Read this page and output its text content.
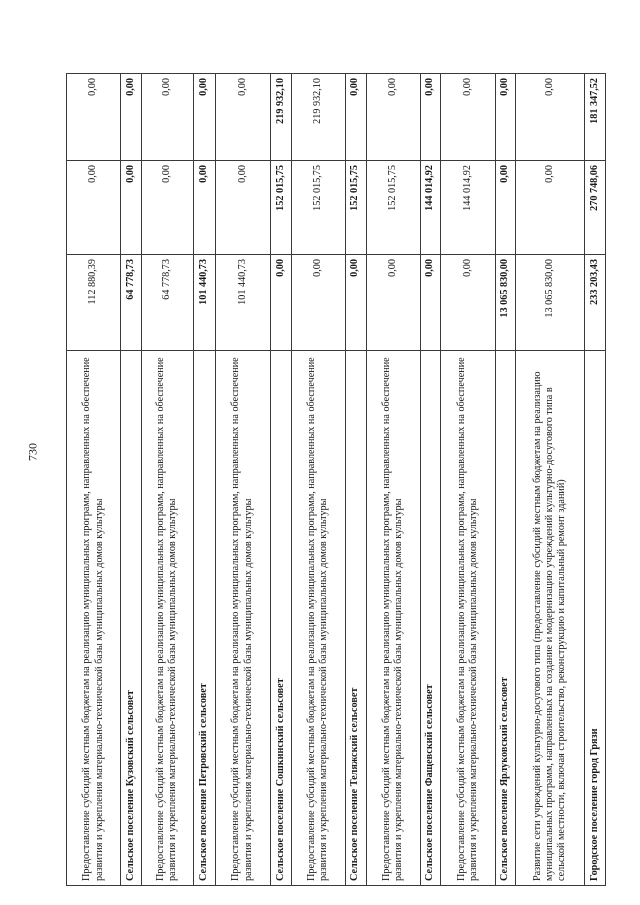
730	Предоставление субсидий местным бюджетам на реализацию муниципальных программ, направленных на обеспечение развития и укрепления материально-технической базы муниципальных домов культуры	112 880,39	0,00	0,00
Сельское поселение Кузовский сельсовет	64 778,73	0,00	0,00
Предоставление субсидий местным бюджетам на реализацию муниципальных программ, направленных на обеспечение развития и укрепления материально-технической базы муниципальных домов культуры	64 778,73	0,00	0,00
Сельское поселение Петровский сельсовет	101 440,73	0,00	0,00
Предоставление субсидий местным бюджетам на реализацию муниципальных программ, направленных на обеспечение развития и укрепления материально-технической базы муниципальных домов культуры	101 440,73	0,00	0,00
Сельское поселение Сошкинский сельсовет	0,00	152 015,75	219 932,10
Предоставление субсидий местным бюджетам на реализацию муниципальных программ, направленных на обеспечение развития и укрепления материально-технической базы муниципальных домов культуры	0,00	152 015,75	219 932,10
Сельское поселение Теляжский сельсовет	0,00	152 015,75	0,00
Предоставление субсидий местным бюджетам на реализацию муниципальных программ, направленных на обеспечение развития и укрепления материально-технической базы муниципальных домов культуры	0,00	152 015,75	0,00
Сельское поселение Фащевский сельсовет	0,00	144 014,92	0,00
Предоставление субсидий местным бюджетам на реализацию муниципальных программ, направленных на обеспечение развития и укрепления материально-технической базы муниципальных домов культуры	0,00	144 014,92	0,00
Сельское поселение Ярлуковский сельсовет	13 065 830,00	0,00	0,00
Развитие сети учреждений культурно-досугового типа (предоставление субсидий местным бюджетам на реализацию муниципальных программ, направленных на создание и модернизацию учреждений культурно-досугового типа в сельской местности, включая строительство, реконструкцию и капитальный ремонт зданий)	13 065 830,00	0,00	0,00
Городское поселение город Грязи	233 203,43	270 748,06	181 347,52
